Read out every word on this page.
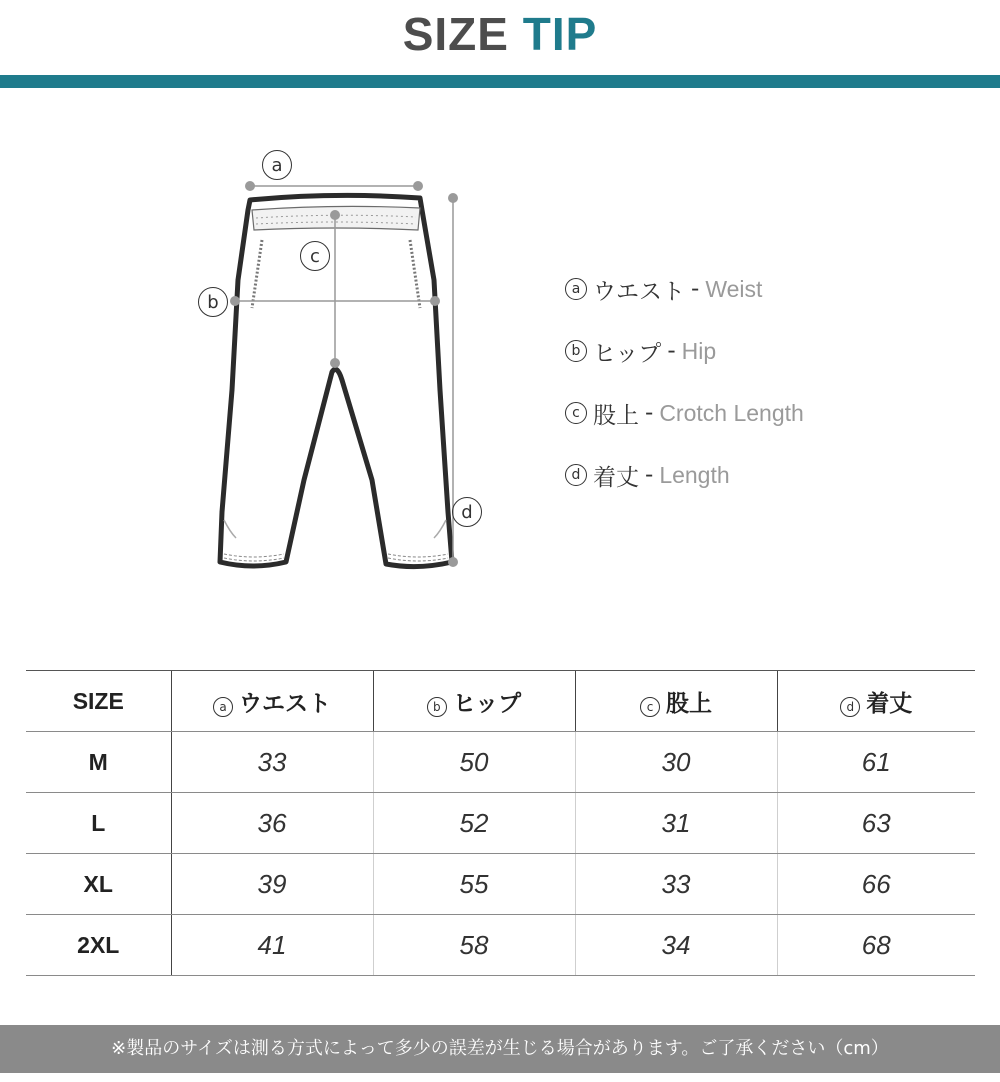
SIZE TIP
a
b
c
d
a ウエスト - Weist
b ヒップ - Hip
c 股上 - Crotch Length
d 着丈 - Length
SIZE	a ウエスト	b ヒップ	c 股上	d 着丈
M	33	50	30	61
L	36	52	31	63
XL	39	55	33	66
2XL	41	58	34	68
※製品のサイズは測る方式によって多少の誤差が生じる場合があります。ご了承ください（cm）
